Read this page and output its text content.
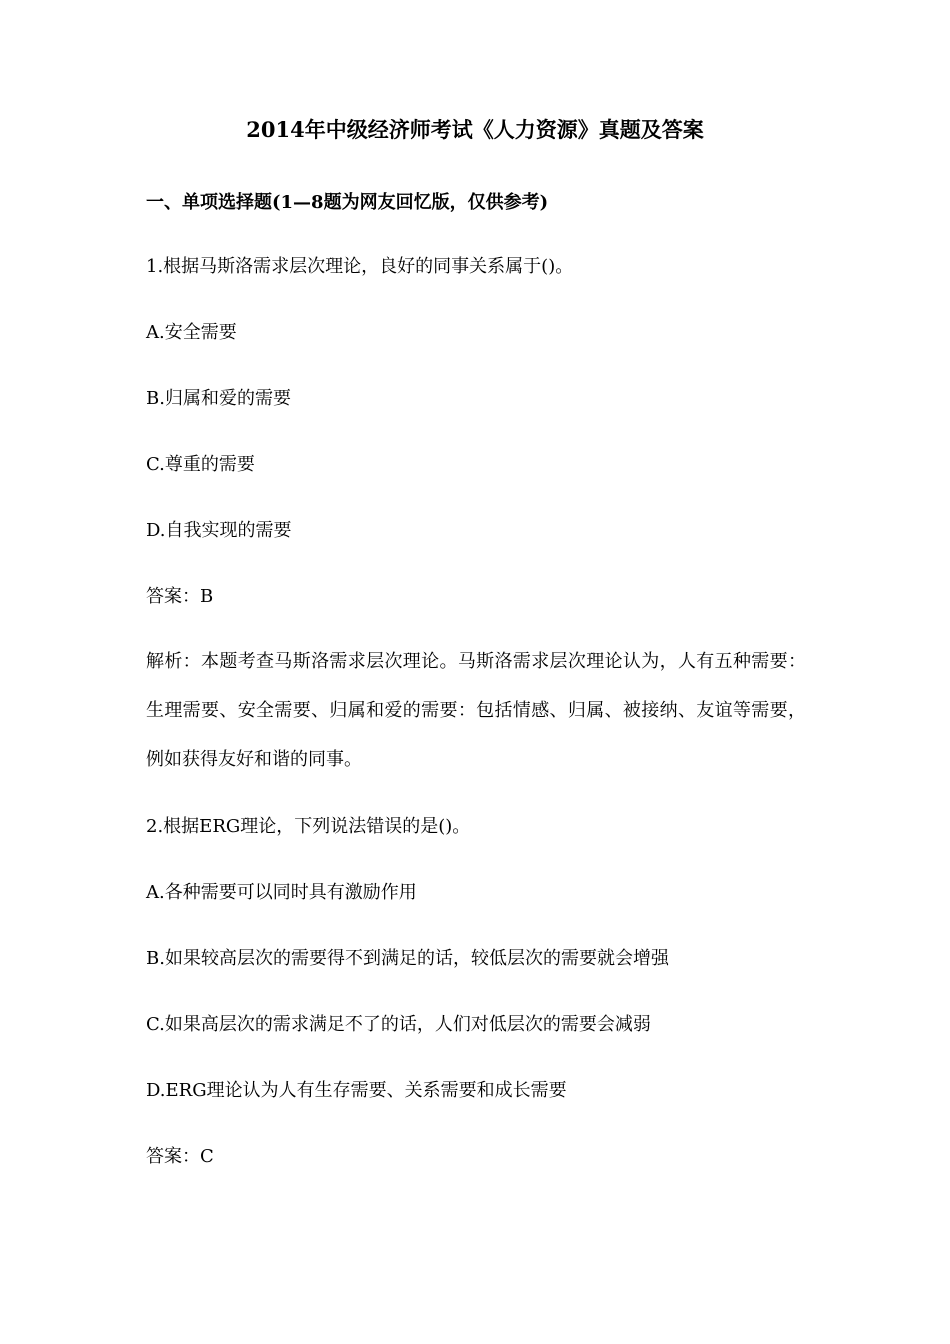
2014年中级经济师考试《人力资源》真题及答案
一、单项选择题(1—8题为网友回忆版，仅供参考)
1.根据马斯洛需求层次理论，良好的同事关系属于()。
A.安全需要
B.归属和爱的需要
C.尊重的需要
D.自我实现的需要
答案：B
解析：本题考查马斯洛需求层次理论。马斯洛需求层次理论认为，人有五种需要：生理需要、安全需要、归属和爱的需要：包括情感、归属、被接纳、友谊等需要，例如获得友好和谐的同事。
2.根据ERG理论，下列说法错误的是()。
A.各种需要可以同时具有激励作用
B.如果较高层次的需要得不到满足的话，较低层次的需要就会增强
C.如果高层次的需求满足不了的话，人们对低层次的需要会减弱
D.ERG理论认为人有生存需要、关系需要和成长需要
答案：C
